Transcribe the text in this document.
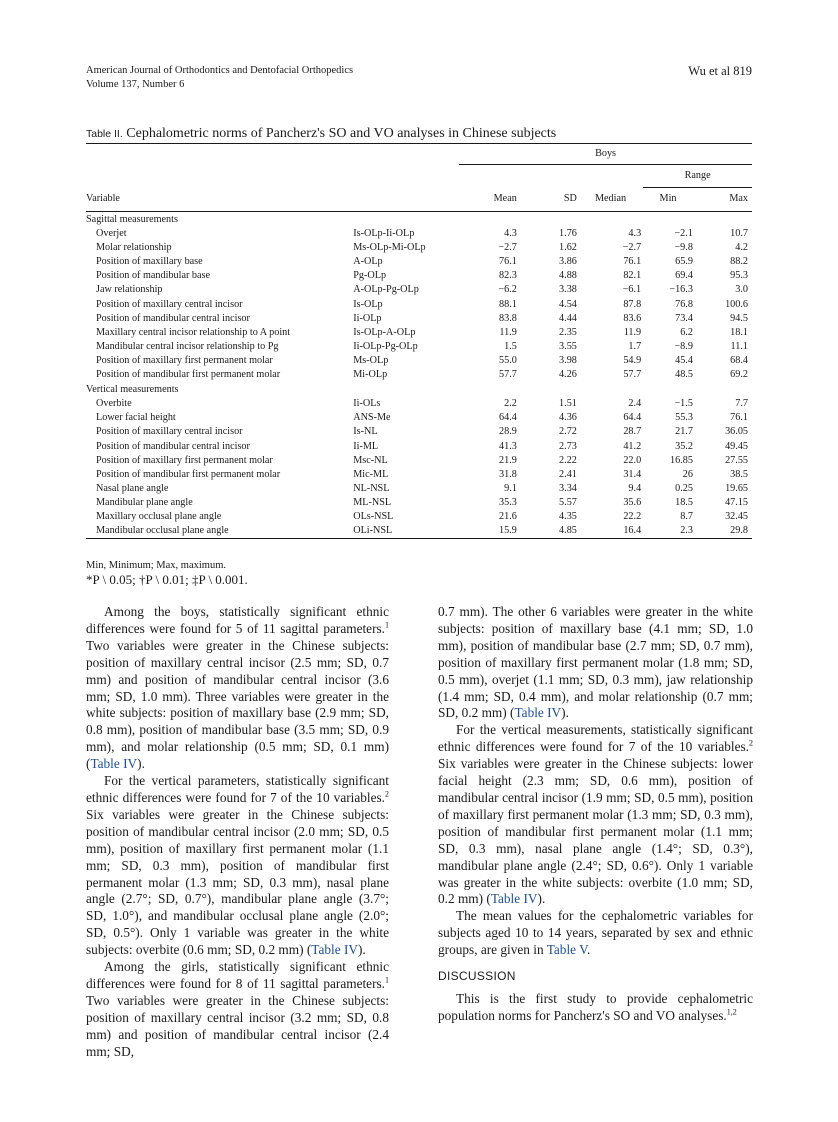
American Journal of Orthodontics and Dentofacial Orthopedics
Volume 137, Number 6
Wu et al 819
Table II. Cephalometric norms of Pancherz's SO and VO analyses in Chinese subjects
		Boys				
					Range	
Variable		Mean	SD	Median	Min	Max
Sagittal measurements						
Overjet	Is-OLp-Ii-OLp	4.3	1.76	4.3	−2.1	10.7
Molar relationship	Ms-OLp-Mi-OLp	−2.7	1.62	−2.7	−9.8	4.2
Position of maxillary base	A-OLp	76.1	3.86	76.1	65.9	88.2
Position of mandibular base	Pg-OLp	82.3	4.88	82.1	69.4	95.3
Jaw relationship	A-OLp-Pg-OLp	−6.2	3.38	−6.1	−16.3	3.0
Position of maxillary central incisor	Is-OLp	88.1	4.54	87.8	76.8	100.6
Position of mandibular central incisor	Ii-OLp	83.8	4.44	83.6	73.4	94.5
Maxillary central incisor relationship to A point	Is-OLp-A-OLp	11.9	2.35	11.9	6.2	18.1
Mandibular central incisor relationship to Pg	Ii-OLp-Pg-OLp	1.5	3.55	1.7	−8.9	11.1
Position of maxillary first permanent molar	Ms-OLp	55.0	3.98	54.9	45.4	68.4
Position of mandibular first permanent molar	Mi-OLp	57.7	4.26	57.7	48.5	69.2
Vertical measurements						
Overbite	Ii-OLs	2.2	1.51	2.4	−1.5	7.7
Lower facial height	ANS-Me	64.4	4.36	64.4	55.3	76.1
Position of maxillary central incisor	Is-NL	28.9	2.72	28.7	21.7	36.05
Position of mandibular central incisor	Ii-ML	41.3	2.73	41.2	35.2	49.45
Position of maxillary first permanent molar	Msc-NL	21.9	2.22	22.0	16.85	27.55
Position of mandibular first permanent molar	Mic-ML	31.8	2.41	31.4	26	38.5
Nasal plane angle	NL-NSL	9.1	3.34	9.4	0.25	19.65
Mandibular plane angle	ML-NSL	35.3	5.57	35.6	18.5	47.15
Maxillary occlusal plane angle	OLs-NSL	21.6	4.35	22.2	8.7	32.45
Mandibular occlusal plane angle	OLi-NSL	15.9	4.85	16.4	2.3	29.8
Min, Minimum; Max, maximum.
*P \ 0.05; †P \ 0.01; ‡P \ 0.001.

Among the boys, statistically significant ethnic differences were found for 5 of 11 sagittal parameters.$^1$ Two variables were greater in the Chinese subjects: position of maxillary central incisor (2.5 mm; SD, 0.7 mm) and position of mandibular central incisor (3.6 mm; SD, 1.0 mm). Three variables were greater in the white subjects: position of maxillary base (2.9 mm; SD, 0.8 mm), position of mandibular base (3.5 mm; SD, 0.9 mm), and molar relationship (0.5 mm; SD, 0.1 mm) (Table IV).

For the vertical parameters, statistically significant ethnic differences were found for 7 of the 10 variables.$^2$ Six variables were greater in the Chinese subjects: position of mandibular central incisor (2.0 mm; SD, 0.5 mm), position of maxillary first permanent molar (1.1 mm; SD, 0.3 mm), position of mandibular first permanent molar (1.3 mm; SD, 0.3 mm), nasal plane angle (2.7°; SD, 0.7°), mandibular plane angle (3.7°; SD, 1.0°), and mandibular occlusal plane angle (2.0°; SD, 0.5°). Only 1 variable was greater in the white subjects: overbite (0.6 mm; SD, 0.2 mm) (Table IV).

Among the girls, statistically significant ethnic differences were found for 8 of 11 sagittal parameters.$^1$ Two variables were greater in the Chinese subjects: position of maxillary central incisor (3.2 mm; SD, 0.8 mm) and position of mandibular central incisor (2.4 mm; SD,

0.7 mm). The other 6 variables were greater in the white subjects: position of maxillary base (4.1 mm; SD, 1.0 mm), position of mandibular base (2.7 mm; SD, 0.7 mm), position of maxillary first permanent molar (1.8 mm; SD, 0.5 mm), overjet (1.1 mm; SD, 0.3 mm), jaw relationship (1.4 mm; SD, 0.4 mm), and molar relationship (0.7 mm; SD, 0.2 mm) (Table IV).

For the vertical measurements, statistically significant ethnic differences were found for 7 of the 10 variables.$^2$ Six variables were greater in the Chinese subjects: lower facial height (2.3 mm; SD, 0.6 mm), position of mandibular central incisor (1.9 mm; SD, 0.5 mm), position of maxillary first permanent molar (1.3 mm; SD, 0.3 mm), position of mandibular first permanent molar (1.1 mm; SD, 0.3 mm), nasal plane angle (1.4°; SD, 0.3°), mandibular plane angle (2.4°; SD, 0.6°). Only 1 variable was greater in the white subjects: overbite (1.0 mm; SD, 0.2 mm) (Table IV).

The mean values for the cephalometric variables for subjects aged 10 to 14 years, separated by sex and ethnic groups, are given in Table V.

DISCUSSION

This is the first study to provide cephalometric population norms for Pancherz's SO and VO analyses.$^{1,2}$
